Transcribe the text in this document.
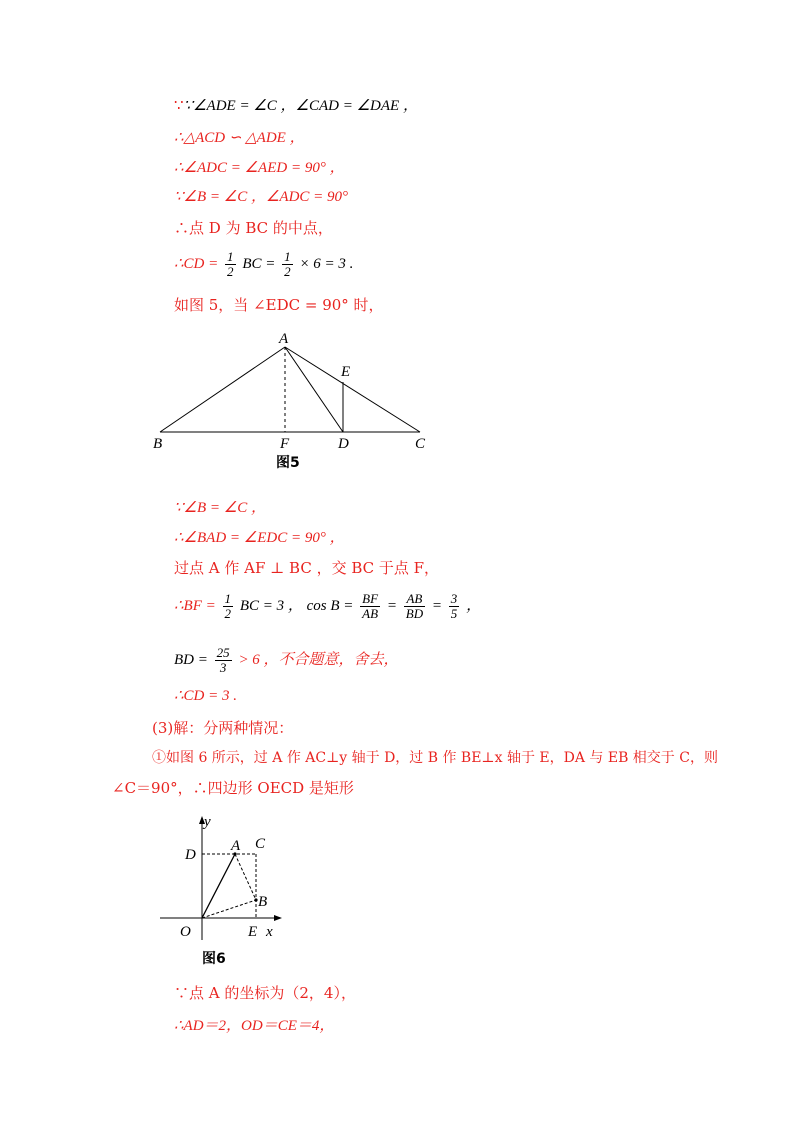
∵∵∠ADE = ∠C ，∠CAD = ∠DAE ，
∴△ACD ∽ △ADE ，
∴∠ADC = ∠AED = 90° ，
∵∠B = ∠C ，∠ADC = 90°
∴点 D 为 BC 的中点，
∴CD = $\frac{1}{2}$ BC = $\frac{1}{2} \times 6 = 3$ .
如图 5，当 ∠EDC = 90° 时，
A
E
B	F	D	C
图5
∵∠B = ∠C ，
∴∠BAD = ∠EDC = 90° ，
过点 A 作 AF ⊥ BC ，交 BC 于点 F，
∴BF = $\frac{1}{2}$ BC = 3 ， $\cos B = \frac{BF}{AB} = \frac{AB}{BD} = \frac{3}{5}$ ，
BD = $\frac{25}{3} > 6$ ，不合题意，舍去，
∴CD = 3 .
(3)解：分两种情况：
①如图 6 所示，过 A 作 AC⊥y 轴于 D，过 B 作 BE⊥x 轴于 E，DA 与 EB 相交于 C，则
∠C＝90°，∴四边形 OECD 是矩形
y
D
A C
B
O	E x
图6
∵点 A 的坐标为（2，4），
∴AD＝2，OD＝CE＝4，
